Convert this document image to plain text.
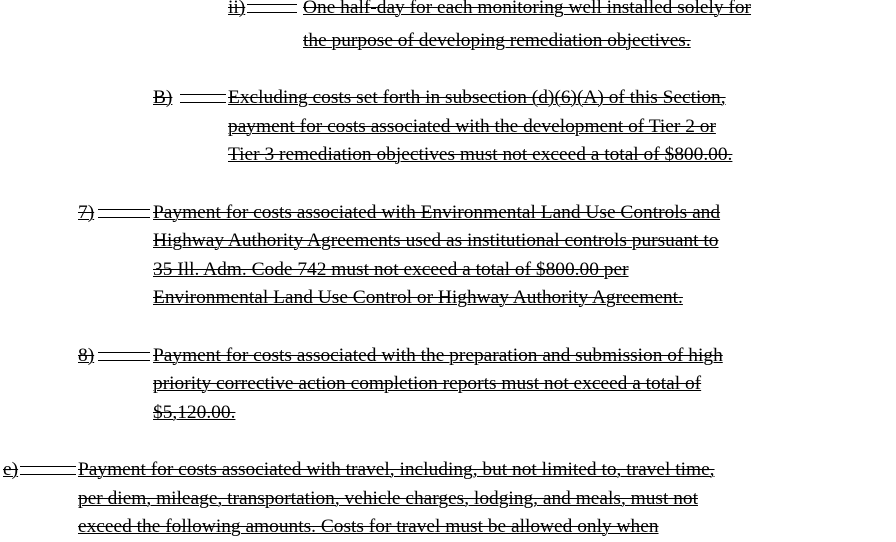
ii)	One half-day for each monitoring well installed solely for
the purpose of developing remediation objectives.
B)	Excluding costs set forth in subsection (d)(6)(A) of this Section,
payment for costs associated with the development of Tier 2 or
Tier 3 remediation objectives must not exceed a total of $800.00.
7)	Payment for costs associated with Environmental Land Use Controls and
Highway Authority Agreements used as institutional controls pursuant to
35 Ill. Adm. Code 742 must not exceed a total of $800.00 per
Environmental Land Use Control or Highway Authority Agreement.
8)	Payment for costs associated with the preparation and submission of high
priority corrective action completion reports must not exceed a total of
$5,120.00.
e)	Payment for costs associated with travel, including, but not limited to, travel time,
per diem, mileage, transportation, vehicle charges, lodging, and meals, must not
exceed the following amounts. Costs for travel must be allowed only when
